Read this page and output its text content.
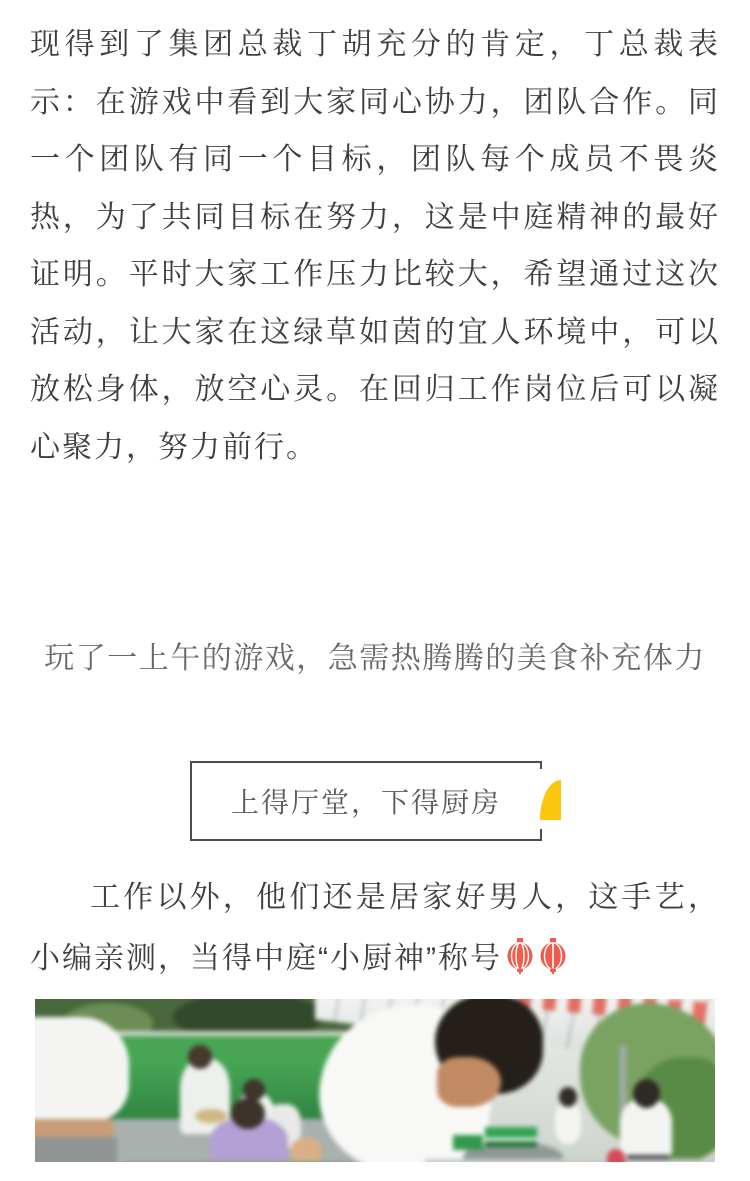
现得到了集团总裁丁胡充分的肯定，丁总裁表示：在游戏中看到大家同心协力，团队合作。同一个团队有同一个目标，团队每个成员不畏炎热，为了共同目标在努力，这是中庭精神的最好证明。平时大家工作压力比较大，希望通过这次活动，让大家在这绿草如茵的宜人环境中，可以放松身体，放空心灵。在回归工作岗位后可以凝心聚力，努力前行。

玩了一上午的游戏，急需热腾腾的美食补充体力

上得厅堂，下得厨房

工作以外，他们还是居家好男人，这手艺，小编亲测，当得中庭“小厨神”称号
